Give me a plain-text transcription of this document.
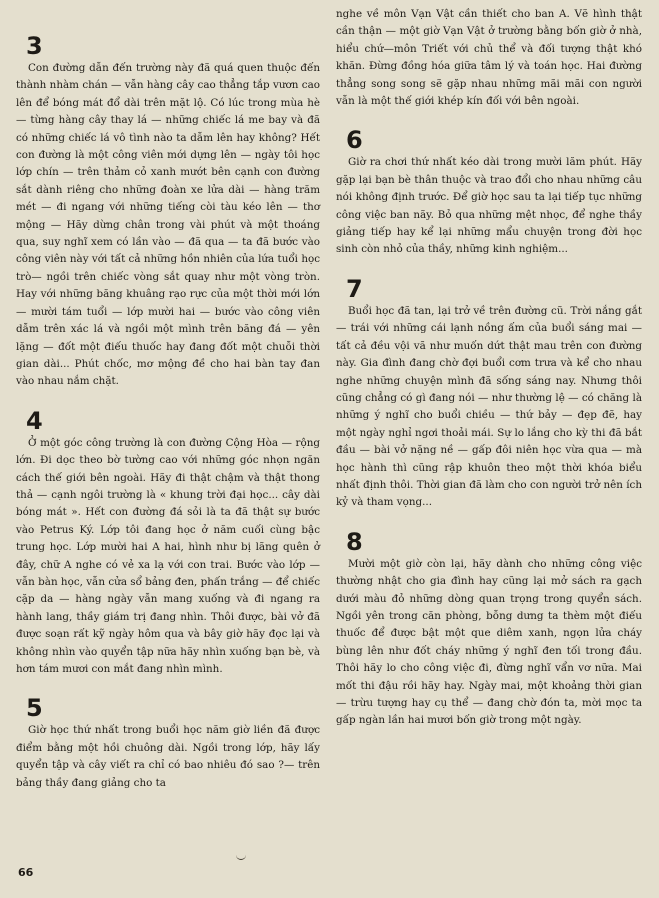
3

Con đường dẫn đến trường này đã quá quen thuộc đến thành nhàm chán — vẫn hàng cây cao thẳng tắp vươn cao lên để bóng mát đổ dài trên mặt lộ. Có lúc trong mùa hè — từng hàng cây thay lá — những chiếc lá me bay và đã có những chiếc lá vô tình nào ta dẫm lên hay không? Hết con đường là một công viên mới dựng lên — ngày tôi học lớp chín — trên thảm cỏ xanh mướt bên cạnh con đường sắt dành riêng cho những đoàn xe lửa dài — hàng trăm mét — đi ngang với những tiếng còi tàu kéo lên — thơ mộng — Hãy dừng chân trong vài phút và một thoáng qua, suy nghĩ xem có lần vào — đã qua — ta đã bước vào công viên này với tất cả những hồn nhiên của lứa tuổi học trò— ngồi trên chiếc vòng sắt quay như một vòng tròn. Hay với những băng khuâng rạo rực của một thời mới lớn — mười tám tuổi — lớp mười hai — bước vào công viên dẫm trên xác lá và ngồi một mình trên băng đá — yên lặng — đốt một điếu thuốc hay đang đốt một chuỗi thời gian dài... Phút chốc, mơ mộng đề cho hai bàn tay đan vào nhau nắm chặt.

4

Ở một góc công trường là con đường Cộng Hòa — rộng lớn. Đi dọc theo bờ tường cao với những góc nhọn ngăn cách thế giới bên ngoài. Hãy đi thật chậm và thật thong thả — cạnh ngôi trường là « khung trời đại học... cây dài bóng mát ». Hết con đường đá sỏi là ta đã thật sự bước vào Petrus Ký. Lớp tôi đang học ở năm cuối cùng bậc trung học. Lớp mười hai A hai, hình như bị lãng quên ở đây, chữ A nghe có vẻ xa lạ với con trai. Bước vào lớp — vẫn bàn học, vẫn cửa sổ bảng đen, phấn trắng — để chiếc cặp da — hàng ngày vẫn mang xuống và đi ngang ra hành lang, thầy giám trị đang nhìn. Thôi được, bài vở đã được soạn rất kỹ ngày hôm qua và bây giờ hãy đọc lại và không nhìn vào quyển tập nữa hãy nhìn xuống bạn bè, và hơn tám mươi con mắt đang nhìn mình.

5

Giờ học thứ nhất trong buổi học năm giờ liền đã được điểm bằng một hồi chuông dài. Ngồi trong lớp, hãy lấy quyển tập và cây viết ra chỉ có bao nhiêu đó sao ?— trên bảng thầy đang giảng cho ta

nghe về môn Vạn Vật cần thiết cho ban A. Vẽ hình thật cần thận — một giờ Vạn Vật ở trường bằng bốn giờ ở nhà, hiểu chứ—môn Triết với chủ thể và đối tượng thật khó khăn. Đừng đồng hóa giữa tâm lý và toán học. Hai đường thẳng song song sẽ gặp nhau những mãi mãi con người vẫn là một thế giới khép kín đối với bên ngoài.

6

Giờ ra chơi thứ nhất kéo dài trong mười lăm phút. Hãy gặp lại bạn bè thân thuộc và trao đổi cho nhau những câu nói không định trước. Để giờ học sau ta lại tiếp tục những công việc ban nãy. Bỏ qua những mệt nhọc, để nghe thầy giảng tiếp hay kể lại những mẩu chuyện trong đời học sinh còn nhỏ của thầy, những kinh nghiệm...

7

Buổi học đã tan, lại trở về trên đường cũ. Trời nắng gắt — trái với những cái lạnh nồng ấm của buổi sáng mai — tất cả đều vội vã như muốn dứt thật mau trên con đường này. Gia đình đang chờ đợi buổi cơm trưa và kể cho nhau nghe những chuyện mình đã sống sáng nay. Nhưng thôi cũng chẳng có gì đang nói — như thường lệ — có chăng là những ý nghĩ cho buổi chiều — thứ bảy — đẹp đẽ, hay một ngày nghỉ ngơi thoải mái. Sự lo lắng cho kỳ thi đã bắt đầu — bài vở nặng nề — gấp đôi niên học vừa qua — mà học hành thì cũng rập khuôn theo một thời khóa biểu nhất định thôi. Thời gian đã làm cho con người trở nên ích kỷ và tham vọng...

8

Mười một giờ còn lại, hãy dành cho những công việc thường nhật cho gia đình hay cũng lại mở sách ra gạch dưới màu đỏ những dòng quan trọng trong quyển sách. Ngồi yên trong căn phòng, bỗng dưng ta thèm một điếu thuốc để được bật một que diêm xanh, ngọn lửa cháy bùng lên như đốt cháy những ý nghĩ đen tối trong đầu. Thôi hãy lo cho công việc đi, đừng nghĩ vẩn vơ nữa. Mai mốt thi đậu rồi hãy hay. Ngày mai, một khoảng thời gian — trừu tượng hay cụ thể — đang chờ đón ta, mời mọc ta gấp ngàn lần hai mươi bốn giờ trong một ngày.

66
